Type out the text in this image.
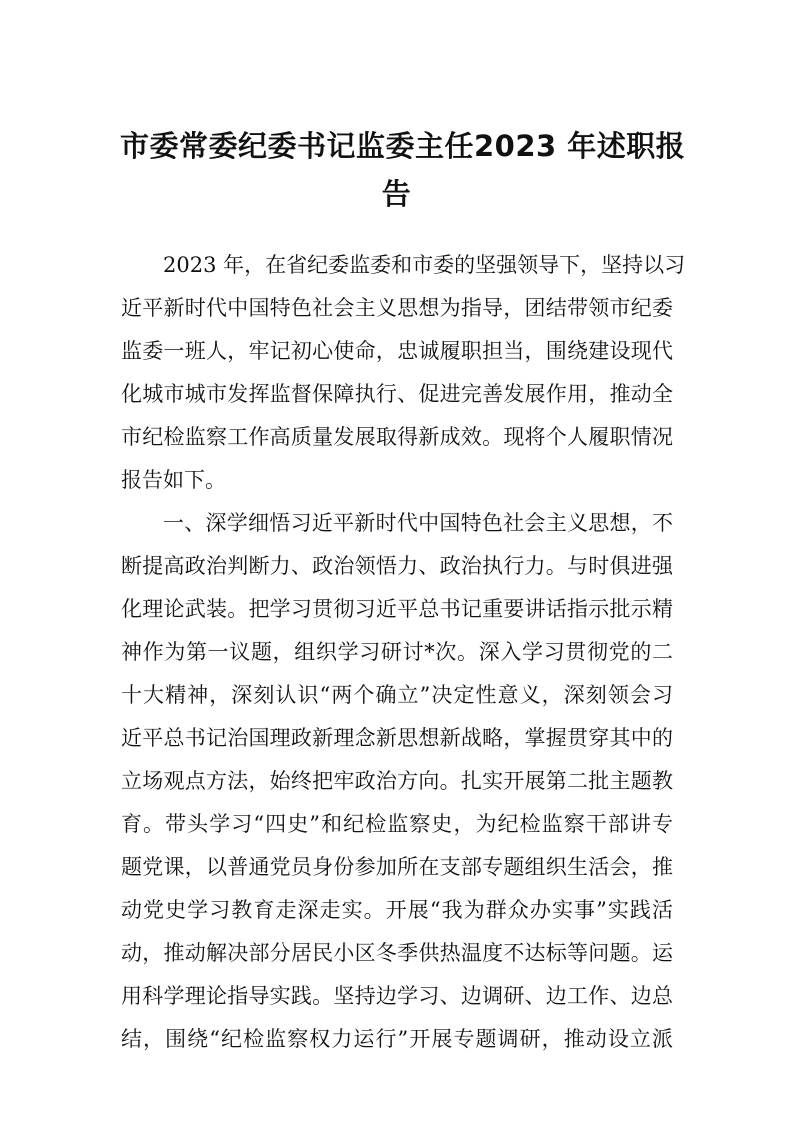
市委常委纪委书记监委主任2023 年述职报
告
2023 年，在省纪委监委和市委的坚强领导下，坚持以习
近平新时代中国特色社会主义思想为指导，团结带领市纪委
监委一班人，牢记初心使命，忠诚履职担当，围绕建设现代
化城市城市发挥监督保障执行、促进完善发展作用，推动全
市纪检监察工作高质量发展取得新成效。现将个人履职情况
报告如下。
一、深学细悟习近平新时代中国特色社会主义思想，不
断提高政治判断力、政治领悟力、政治执行力。与时俱进强
化理论武装。把学习贯彻习近平总书记重要讲话指示批示精
神作为第一议题，组织学习研讨*次。深入学习贯彻党的二
十大精神，深刻认识“两个确立”决定性意义，深刻领会习
近平总书记治国理政新理念新思想新战略，掌握贯穿其中的
立场观点方法，始终把牢政治方向。扎实开展第二批主题教
育。带头学习“四史”和纪检监察史，为纪检监察干部讲专
题党课，以普通党员身份参加所在支部专题组织生活会，推
动党史学习教育走深走实。开展“我为群众办实事”实践活
动，推动解决部分居民小区冬季供热温度不达标等问题。运
用科学理论指导实践。坚持边学习、边调研、边工作、边总
结，围绕“纪检监察权力运行”开展专题调研，推动设立派
